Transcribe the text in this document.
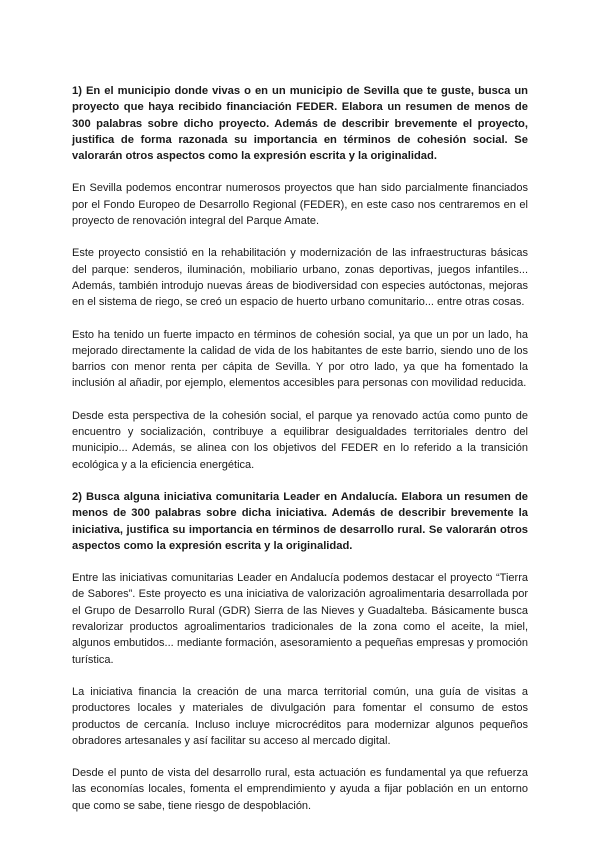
1) En el municipio donde vivas o en un municipio de Sevilla que te guste, busca un proyecto que haya recibido financiación FEDER. Elabora un resumen de menos de 300 palabras sobre dicho proyecto. Además de describir brevemente el proyecto, justifica de forma razonada su importancia en términos de cohesión social. Se valorarán otros aspectos como la expresión escrita y la originalidad.

En Sevilla podemos encontrar numerosos proyectos que han sido parcialmente financiados por el Fondo Europeo de Desarrollo Regional (FEDER), en este caso nos centraremos en el proyecto de renovación integral del Parque Amate.

Este proyecto consistió en la rehabilitación y modernización de las infraestructuras básicas del parque: senderos, iluminación, mobiliario urbano, zonas deportivas, juegos infantiles... Además, también introdujo nuevas áreas de biodiversidad con especies autóctonas, mejoras en el sistema de riego, se creó un espacio de huerto urbano comunitario... entre otras cosas.

Esto ha tenido un fuerte impacto en términos de cohesión social, ya que un por un lado, ha mejorado directamente la calidad de vida de los habitantes de este barrio, siendo uno de los barrios con menor renta per cápita de Sevilla. Y por otro lado, ya que ha fomentado la inclusión al añadir, por ejemplo, elementos accesibles para personas con movilidad reducida.

Desde esta perspectiva de la cohesión social, el parque ya renovado actúa como punto de encuentro y socialización, contribuye a equilibrar desigualdades territoriales dentro del municipio... Además, se alinea con los objetivos del FEDER en lo referido a la transición ecológica y a la eficiencia energética.

2) Busca alguna iniciativa comunitaria Leader en Andalucía. Elabora un resumen de menos de 300 palabras sobre dicha iniciativa. Además de describir brevemente la iniciativa, justifica su importancia en términos de desarrollo rural. Se valorarán otros aspectos como la expresión escrita y la originalidad.

Entre las iniciativas comunitarias Leader en Andalucía podemos destacar el proyecto “Tierra de Sabores”. Este proyecto es una iniciativa de valorización agroalimentaria desarrollada por el Grupo de Desarrollo Rural (GDR) Sierra de las Nieves y Guadalteba. Básicamente busca revalorizar productos agroalimentarios tradicionales de la zona como el aceite, la miel, algunos embutidos... mediante formación, asesoramiento a pequeñas empresas y promoción turística.

La iniciativa financia la creación de una marca territorial común, una guía de visitas a productores locales y materiales de divulgación para fomentar el consumo de estos productos de cercanía. Incluso incluye microcréditos para modernizar algunos pequeños obradores artesanales y así facilitar su acceso al mercado digital.

Desde el punto de vista del desarrollo rural, esta actuación es fundamental ya que refuerza las economías locales, fomenta el emprendimiento y ayuda a fijar población en un entorno que como se sabe, tiene riesgo de despoblación.
